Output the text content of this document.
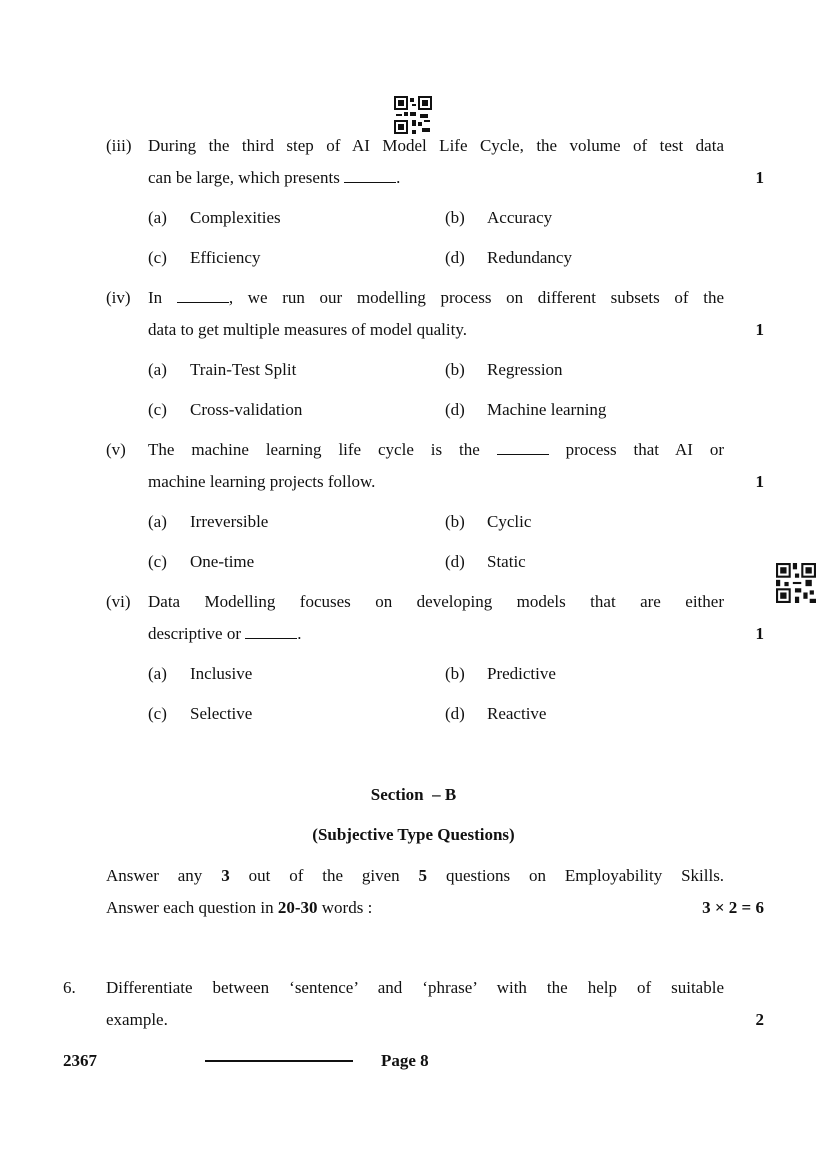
(iii) During the third step of AI Model Life Cycle, the volume of test data
can be large, which presents	.	1
(a) Complexities	(b) Accuracy
(c) Efficiency	(d) Redundancy
(iv) In	, we run our modelling process on different subsets of the
data to get multiple measures of model quality.	1
(a) Train-Test Split	(b) Regression
(c) Cross-validation	(d) Machine learning
(v) The machine learning life cycle is the	process that AI or
machine learning projects follow.	1
(a) Irreversible	(b) Cyclic
(c) One-time	(d) Static
(vi) Data Modelling focuses on developing models that are either
descriptive or	.	1
(a) Inclusive	(b) Predictive
(c) Selective	(d) Reactive
Section  – B
(Subjective Type Questions)
Answer any 3 out of the given 5 questions on Employability Skills.
Answer each question in 20-30 words :	3 × 2 = 6
6. Differentiate between ‘sentence’ and ‘phrase’ with the help of suitable
example.	2
2367	Page 8
